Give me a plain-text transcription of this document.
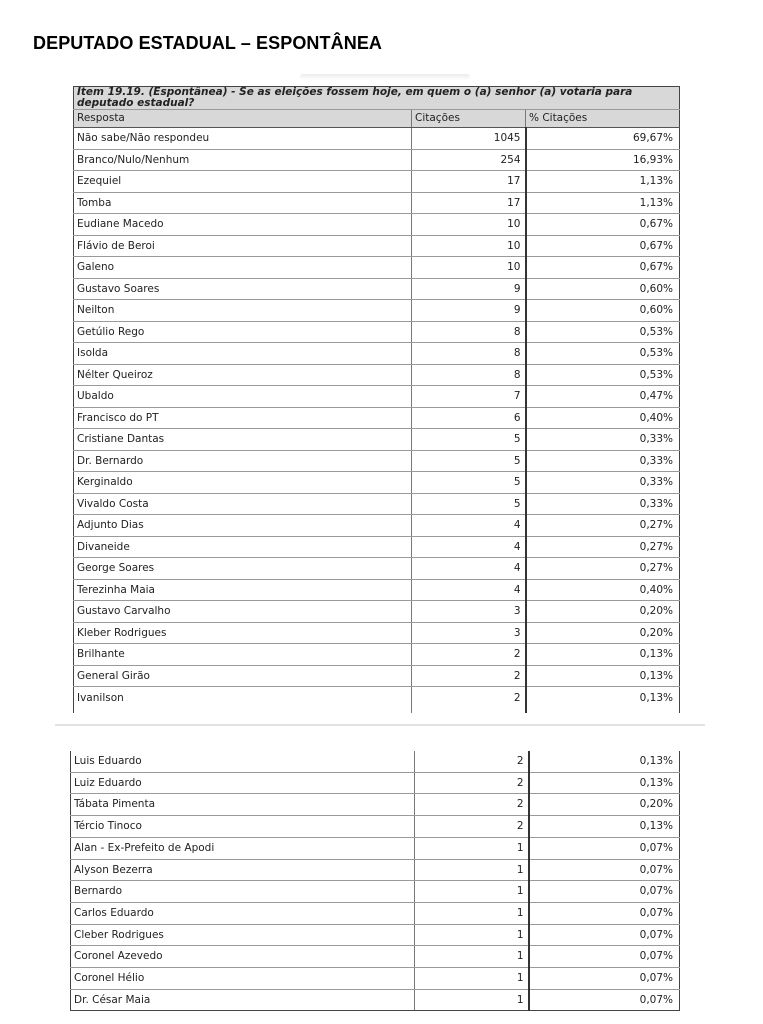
DEPUTADO ESTADUAL – ESPONTÂNEA
Item 19.19. (Espontânea) - Se as eleições fossem hoje, em quem o (a) senhor (a) votaria para deputado estadual?		
Resposta	Citações	% Citações
Não sabe/Não respondeu	1045	69,67%
Branco/Nulo/Nenhum	254	16,93%
Ezequiel	17	1,13%
Tomba	17	1,13%
Eudiane Macedo	10	0,67%
Flávio de Beroi	10	0,67%
Galeno	10	0,67%
Gustavo Soares	9	0,60%
Neilton	9	0,60%
Getúlio Rego	8	0,53%
Isolda	8	0,53%
Nélter Queiroz	8	0,53%
Ubaldo	7	0,47%
Francisco do PT	6	0,40%
Cristiane Dantas	5	0,33%
Dr. Bernardo	5	0,33%
Kerginaldo	5	0,33%
Vivaldo Costa	5	0,33%
Adjunto Dias	4	0,27%
Divaneide	4	0,27%
George Soares	4	0,27%
Terezinha Maia	4	0,40%
Gustavo Carvalho	3	0,20%
Kleber Rodrigues	3	0,20%
Brilhante	2	0,13%
General Girão	2	0,13%
Ivanilson	2	0,13%
Luis Eduardo	2	0,13%
Luiz Eduardo	2	0,13%
Tábata Pimenta	2	0,20%
Tércio Tinoco	2	0,13%
Alan - Ex-Prefeito de Apodi	1	0,07%
Alyson Bezerra	1	0,07%
Bernardo	1	0,07%
Carlos Eduardo	1	0,07%
Cleber Rodrigues	1	0,07%
Coronel Azevedo	1	0,07%
Coronel Hélio	1	0,07%
Dr. César Maia	1	0,07%
